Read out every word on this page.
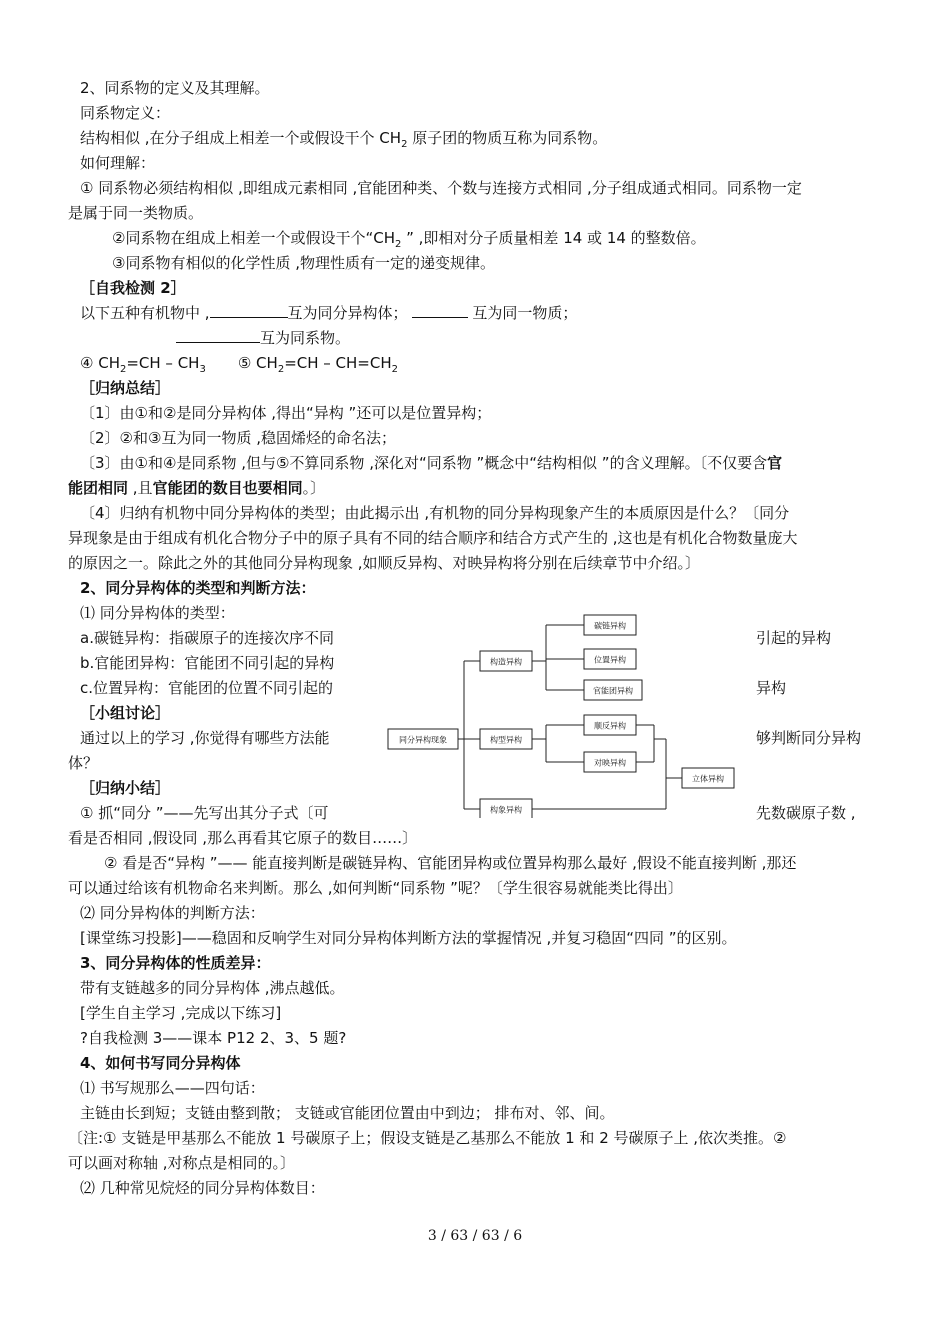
2、同系物的定义及其理解。
同系物定义：
结构相似 ,在分子组成上相差一个或假设干个 $CH_2$ 原子团的物质互称为同系物。
如何理解：
① 同系物必须结构相似 ,即组成元素相同 ,官能团种类、个数与连接方式相同 ,分子组成通式相同。同系物一定
是属于同一类物质。
②同系物在组成上相差一个或假设干个“$CH_2$ ” ,即相对分子质量相差 14 或 14 的整数倍。
③同系物有相似的化学性质 ,物理性质有一定的递变规律。
［自我检测 2］
以下五种有机物中 ,	互为同分异构体；	互为同一物质；
互为同系物。
④ $CH_2=CH - CH_3$ ⑤ $CH_2=CH - CH=CH_2$
［归纳总结］
〔1〕由①和②是同分异构体 ,得出“异构 ”还可以是位置异构；
〔2〕②和③互为同一物质 ,稳固烯烃的命名法；
〔3〕由①和④是同系物 ,但与⑤不算同系物 ,深化对“同系物 ”概念中“结构相似 ”的含义理解。〔不仅要含官
能团相同 ,且官能团的数目也要相同。〕
〔4〕归纳有机物中同分异构体的类型；由此揭示出 ,有机物的同分异构现象产生的本质原因是什么？〔同分
异现象是由于组成有机化合物分子中的原子具有不同的结合顺序和结合方式产生的 ,这也是有机化合物数量庞大
的原因之一。除此之外的其他同分异构现象 ,如顺反异构、对映异构将分别在后续章节中介绍。〕
2、同分异构体的类型和判断方法：
⑴ 同分异构体的类型：
a.碳链异构：指碳原子的连接次序不同	引起的异构
b.官能团异构：官能团不同引起的异构
c.位置异构：官能团的位置不同引起的	异构
［小组讨论］
通过以上的学习 ,你觉得有哪些方法能	够判断同分异构
体？
［归纳小结］
① 抓“同分 ”——先写出其分子式〔可	先数碳原子数 ,
看是否相同 ,假设同 ,那么再看其它原子的数目……〕
② 看是否“异构 ”—— 能直接判断是碳链异构、官能团异构或位置异构那么最好 ,假设不能直接判断 ,那还
可以通过给该有机物命名来判断。那么 ,如何判断“同系物 ”呢？〔学生很容易就能类比得出〕
⑵ 同分异构体的判断方法：
[课堂练习投影]——稳固和反响学生对同分异构体判断方法的掌握情况 ,并复习稳固“四同 ”的区别。
3、同分异构体的性质差异：
带有支链越多的同分异构体 ,沸点越低。
[学生自主学习 ,完成以下练习]
?自我检测 3——课本 P12 2、3、5 题?
4、如何书写同分异构体
⑴ 书写规那么——四句话：
主链由长到短；支链由整到散； 支链或官能团位置由中到边； 排布对、邻、间。
〔注:① 支链是甲基那么不能放 1 号碳原子上；假设支链是乙基那么不能放 1 和 2 号碳原子上 ,依次类推。②
可以画对称轴 ,对称点是相同的。〕
⑵ 几种常见烷烃的同分异构体数目：
同分异构现象
构造异构
碳链异构
位置异构
官能团异构
构型异构
顺反异构
对映异构
构象异构
立体异构
3 / 63 / 63 / 6
